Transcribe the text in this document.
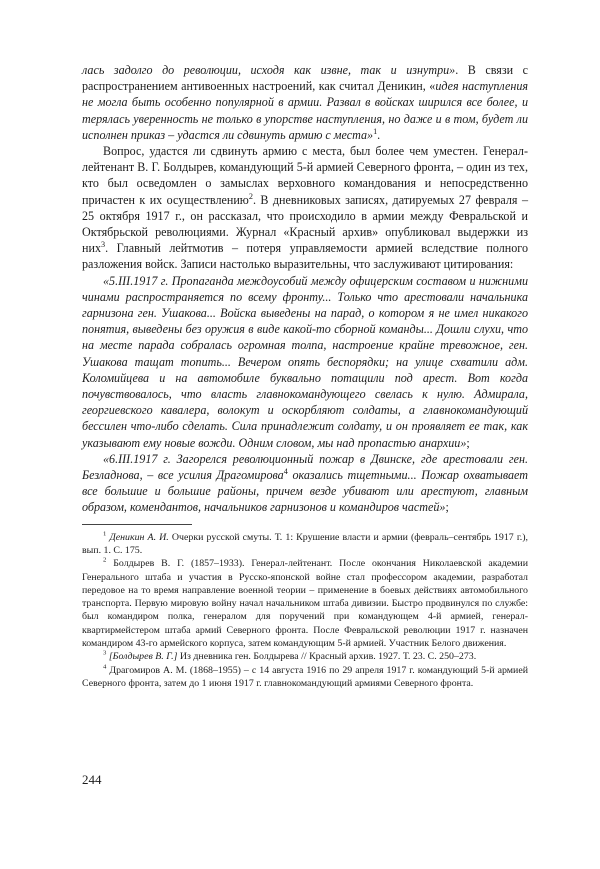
лась задолго до революции, исходя как извне, так и изнутри». В связи с распространением антивоенных настроений, как считал Деникин, «идея наступления не могла быть особенно популярной в армии. Развал в войсках ширился все более, и терялась уверенность не только в упорстве наступления, но даже и в том, будет ли исполнен приказ – удастся ли сдвинуть армию с места»$^1$.

Вопрос, удастся ли сдвинуть армию с места, был более чем уместен. Генерал-лейтенант В. Г. Болдырев, командующий 5-й армией Северного фронта, – один из тех, кто был осведомлен о замыслах верховного командования и непосредственно причастен к их осуществлению$^2$. В дневниковых записях, датируемых 27 февраля – 25 октября 1917 г., он рассказал, что происходило в армии между Февральской и Октябрьской революциями. Журнал «Красный архив» опубликовал выдержки из них$^3$. Главный лейтмотив – потеря управляемости армией вследствие полного разложения войск. Записи настолько выразительны, что заслуживают цитирования:

«5.III.1917 г. Пропаганда междоусобий между офицерским составом и нижними чинами распространяется по всему фронту... Только что арестовали начальника гарнизона ген. Ушакова... Войска выведены на парад, о котором я не имел никакого понятия, выведены без оружия в виде какой-то сборной команды... Дошли слухи, что на месте парада собралась огромная толпа, настроение крайне тревожное, ген. Ушакова тащат топить... Вечером опять беспорядки; на улице схватили адм. Коломийцева и на автомобиле буквально потащили под арест. Вот когда почувствовалось, что власть главнокомандующего свелась к нулю. Адмирала, георгиевского кавалера, волокут и оскорбляют солдаты, а главнокомандующий бессилен что-либо сделать. Сила принадлежит солдату, и он проявляет ее так, как указывают ему новые вожди. Одним словом, мы над пропастью анархии»;

«6.III.1917 г. Загорелся революционный пожар в Двинске, где арестовали ген. Безладнова, – все усилия Драгомирова$^4$ оказались тщетными... Пожар охватывает все большие и большие районы, причем везде убивают или арестуют, главным образом, комендантов, начальников гарнизонов и командиров частей»;

$^1$ Деникин А. И. Очерки русской смуты. Т. 1: Крушение власти и армии (февраль–сентябрь 1917 г.), вып. 1. С. 175.

$^2$ Болдырев В. Г. (1857–1933). Генерал-лейтенант. После окончания Николаевской академии Генерального штаба и участия в Русско-японской войне стал профессором академии, разработал передовое на то время направление военной теории – применение в боевых действиях автомобильного транспорта. Первую мировую войну начал начальником штаба дивизии. Быстро продвинулся по службе: был командиром полка, генералом для поручений при командующем 4-й армией, генерал-квартирмейстером штаба армий Северного фронта. После Февральской революции 1917 г. назначен командиром 43-го армейского корпуса, затем командующим 5-й армией. Участник Белого движения.

$^3$ [Болдырев В. Г.] Из дневника ген. Болдырева // Красный архив. 1927. Т. 23. С. 250–273.

$^4$ Драгомиров А. М. (1868–1955) – с 14 августа 1916 по 29 апреля 1917 г. командующий 5-й армией Северного фронта, затем до 1 июня 1917 г. главнокомандующий армиями Северного фронта.

244
